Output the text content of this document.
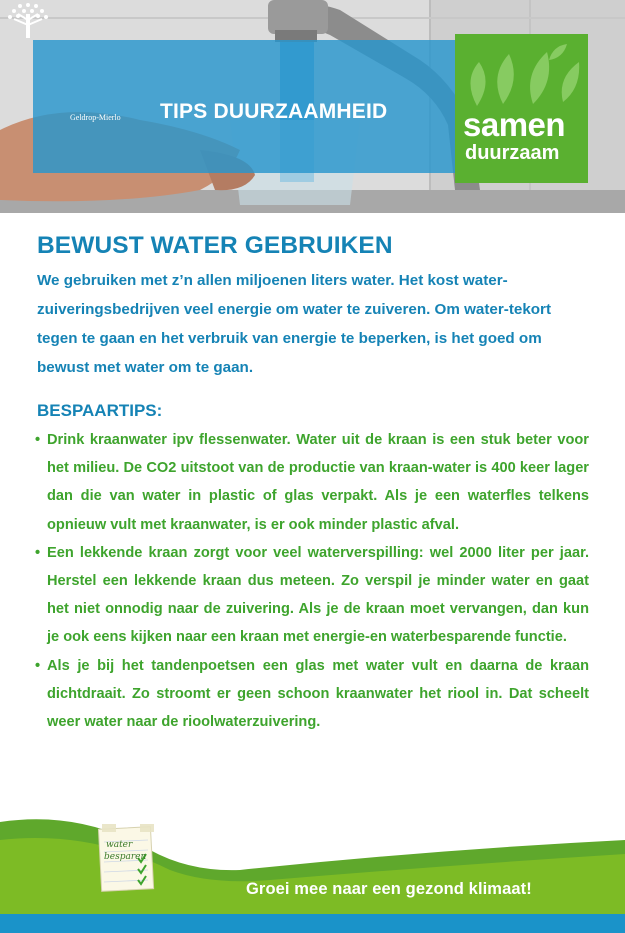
Geldrop-Mierlo TIPS DUURZAAMHEID samen
duurzaam
BEWUST WATER GEBRUIKEN

We gebruiken met z’n allen miljoenen liters water. Het kost water-zuiveringsbedrijven veel energie om water te zuiveren. Om water-tekort tegen te gaan en het verbruik van energie te beperken, is het goed om bewust met water om te gaan.

BESPAARTIPS:
• Drink kraanwater ipv flessenwater. Water uit de kraan is een stuk beter voor het milieu. De CO2 uitstoot van de productie van kraan-water is 400 keer lager dan die van water in plastic of glas verpakt. Als je een waterfles telkens opnieuw vult met kraanwater, is er ook minder plastic afval.
• Een lekkende kraan zorgt voor veel waterverspilling: wel 2000 liter per jaar. Herstel een lekkende kraan dus meteen. Zo verspil je minder water en gaat het niet onnodig naar de zuivering. Als je de kraan moet vervangen, dan kun je ook eens kijken naar een kraan met energie-en waterbesparende functie.
• Als je bij het tandenpoetsen een glas met water vult en daarna de kraan dichtdraait. Zo stroomt er geen schoon kraanwater het riool in. Dat scheelt weer water naar de rioolwaterzuivering.
water
besparen
Groei mee naar een gezond klimaat!
